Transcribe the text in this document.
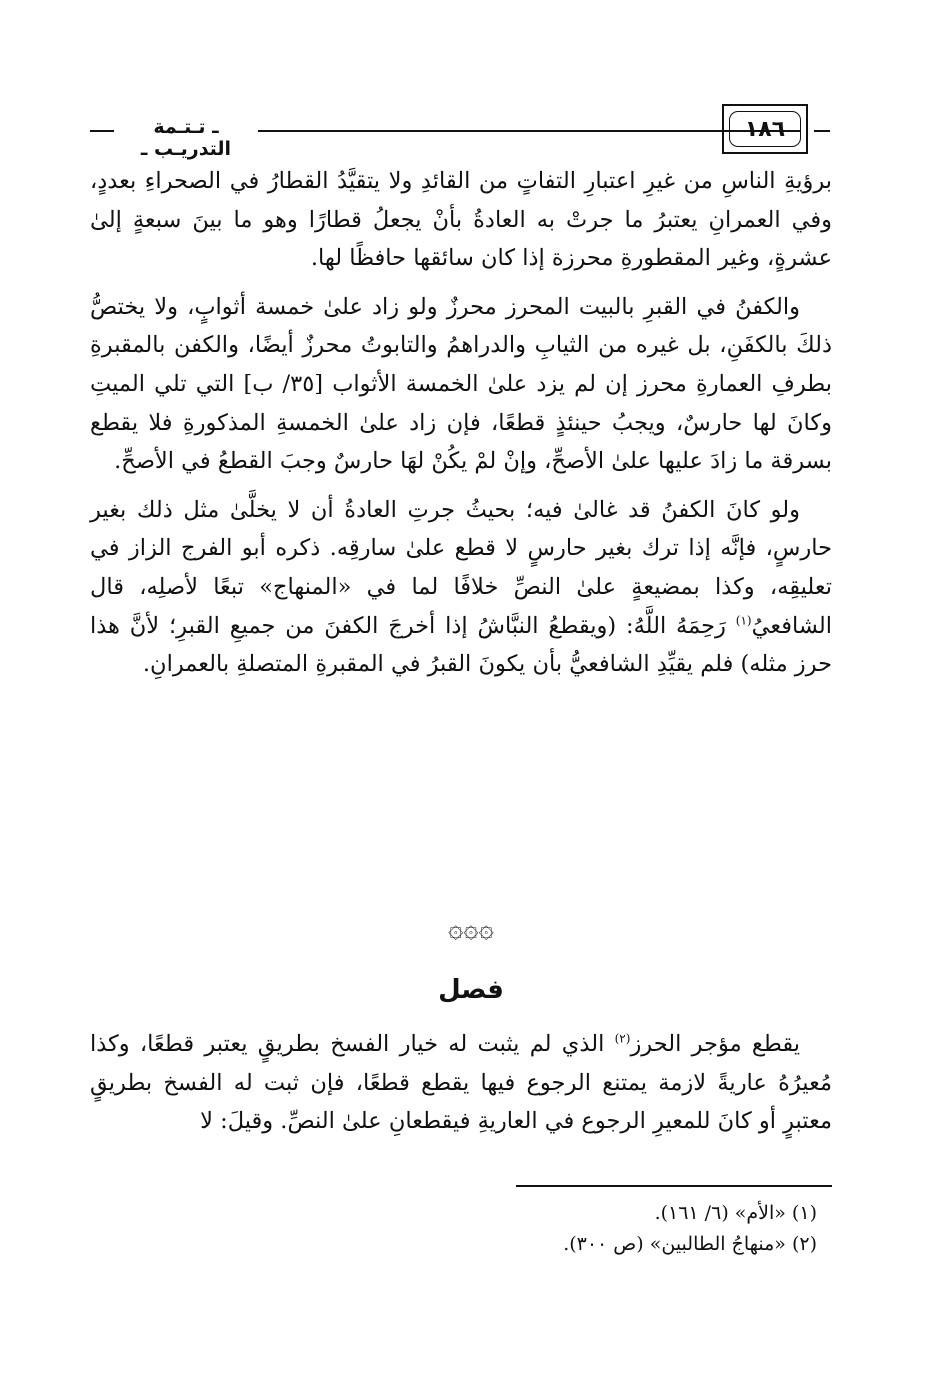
ـ تـتـمة التدريـب ـ
١٨٦

برؤيةِ الناسِ من غيرِ اعتبارِ التفاتٍ من القائدِ ولا يتقيَّدُ القطارُ في الصحراءِ بعددٍ، وفي العمرانِ يعتبرُ ما جرتْ به العادةُ بأنْ يجعلُ قطارًا وهو ما بينَ سبعةٍ إلىٰ عشرةٍ، وغير المقطورةِ محرزة إذا كان سائقها حافظًا لها.

والكفنُ في القبرِ بالبيت المحرز محرزٌ ولو زاد علىٰ خمسة أثوابٍ، ولا يختصُّ ذلكَ بالكفَنِ، بل غيره من الثيابِ والدراهمُ والتابوتُ محرزٌ أيضًا، والكفن بالمقبرةِ بطرفِ العمارةِ محرز إن لم يزد علىٰ الخمسة الأثواب [٣٥/ ب] التي تلي الميتِ وكانَ لها حارسٌ، ويجبُ حينئذٍ قطعًا، فإن زاد علىٰ الخمسةِ المذكورةِ فلا يقطع بسرقة ما زادَ عليها علىٰ الأصحِّ، وإنْ لمْ يكُنْ لهَا حارسٌ وجبَ القطعُ في الأصحِّ.

ولو كانَ الكفنُ قد غالىٰ فيه؛ بحيثُ جرتِ العادةُ أن لا يخلَّىٰ مثل ذلك بغير حارسٍ، فإنَّه إذا ترك بغير حارسٍ لا قطع علىٰ سارقِه. ذكره أبو الفرج الزاز في تعليقِه، وكذا بمضيعةٍ علىٰ النصِّ خلافًا لما في «المنهاج» تبعًا لأصلِه، قال الشافعيُ$^{(١)}$ رَحِمَهُ اللَّهُ: (ويقطعُ النبَّاشُ إذا أخرجَ الكفنَ من جميعِ القبرِ؛ لأنَّ هذا حرز مثله) فلم يقيِّدِ الشافعيُّ بأن يكونَ القبرُ في المقبرةِ المتصلةِ بالعمرانِ.

۞۞۞
فصل

يقطع مؤجر الحرز$^{(٢)}$ الذي لم يثبت له خيار الفسخ بطريقٍ يعتبر قطعًا، وكذا مُعيرُهُ عاريةً لازمة يمتنع الرجوع فيها يقطع قطعًا، فإن ثبت له الفسخ بطريقٍ معتبرٍ أو كانَ للمعيرِ الرجوع في العاريةِ فيقطعانِ علىٰ النصِّ. وقيلَ: لا

(١) «الأم» (٦/ ١٦١).
(٢) «منهاجُ الطالبين» (ص ٣٠٠).
